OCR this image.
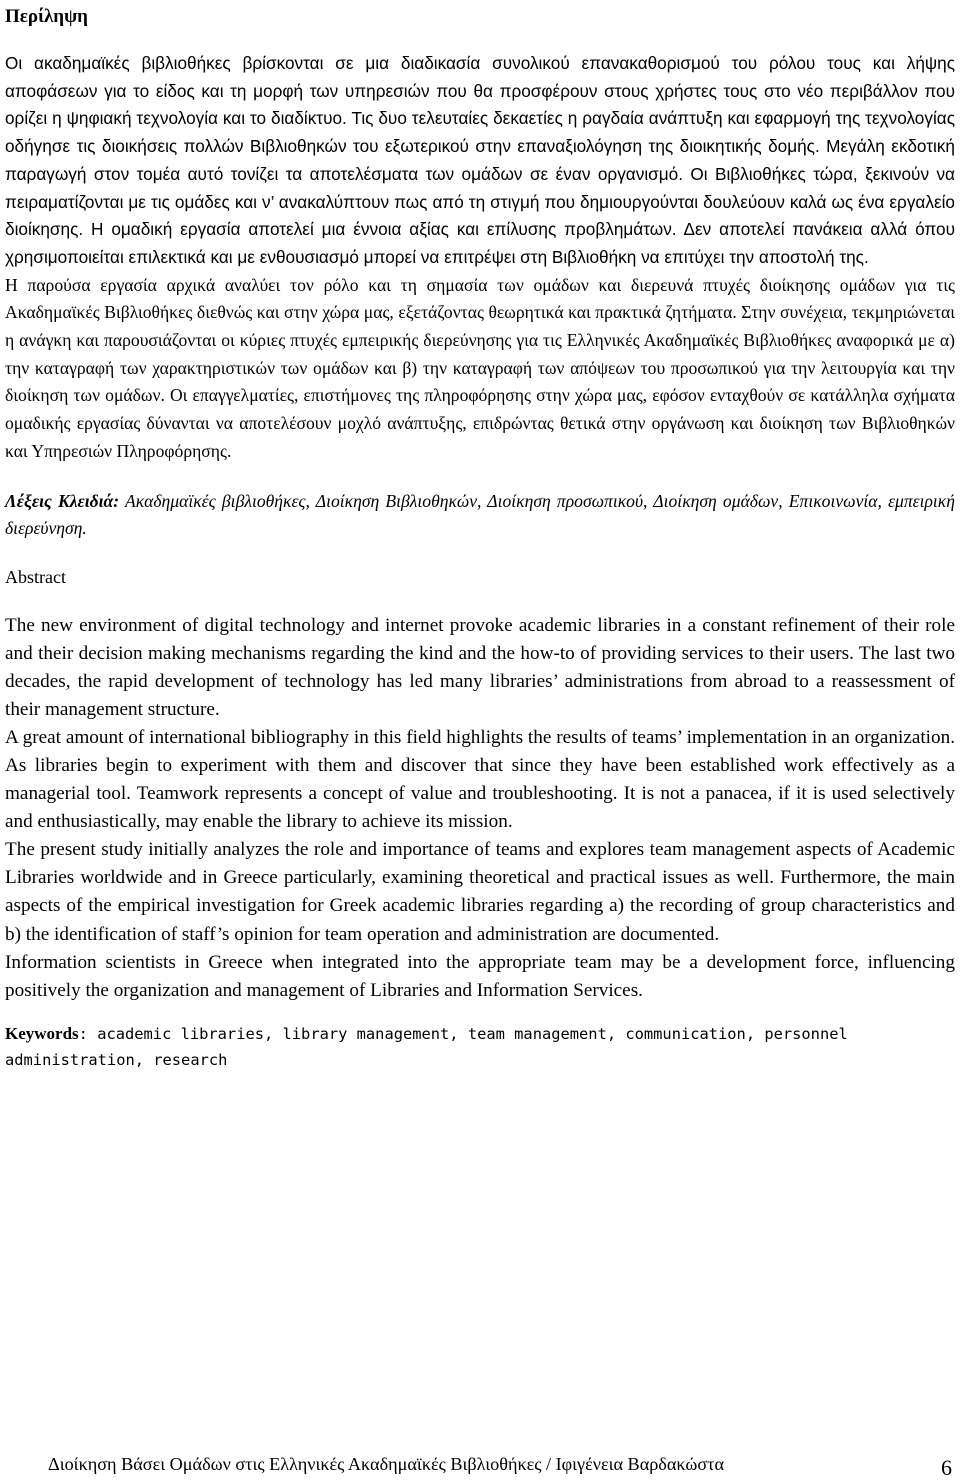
Περίληψη

Οι ακαδημαϊκές βιβλιοθήκες βρίσκονται σε μια διαδικασία συνολικού επανακαθορισμού του ρόλου τους και λήψης αποφάσεων για το είδος και τη μορφή των υπηρεσιών που θα προσφέρουν στους χρήστες τους στο νέο περιβάλλον που ορίζει η ψηφιακή τεχνολογία και το διαδίκτυο. Τις δυο τελευταίες δεκαετίες η ραγδαία ανάπτυξη και εφαρμογή της τεχνολογίας οδήγησε τις διοικήσεις πολλών Βιβλιοθηκών του εξωτερικού στην επαναξιολόγηση της διοικητικής δομής. Μεγάλη εκδοτική παραγωγή στον τομέα αυτό τονίζει τα αποτελέσματα των ομάδων σε έναν οργανισμό. Οι Βιβλιοθήκες τώρα, ξεκινούν να πειραματίζονται με τις ομάδες και ν’ ανακαλύπτουν πως από τη στιγμή που δημιουργούνται δουλεύουν καλά ως ένα εργαλείο διοίκησης. Η ομαδική εργασία αποτελεί μια έννοια αξίας και επίλυσης προβλημάτων. Δεν αποτελεί πανάκεια αλλά όπου χρησιμοποιείται επιλεκτικά και με ενθουσιασμό μπορεί να επιτρέψει στη Βιβλιοθήκη να επιτύχει την αποστολή της.

Η παρούσα εργασία αρχικά αναλύει τον ρόλο και τη σημασία των ομάδων και διερευνά πτυχές διοίκησης ομάδων για τις Ακαδημαϊκές Βιβλιοθήκες διεθνώς και στην χώρα μας, εξετάζοντας θεωρητικά και πρακτικά ζητήματα. Στην συνέχεια, τεκμηριώνεται η ανάγκη και παρουσιάζονται οι κύριες πτυχές εμπειρικής διερεύνησης για τις Ελληνικές Ακαδημαϊκές Βιβλιοθήκες αναφορικά με α) την καταγραφή των χαρακτηριστικών των ομάδων και β) την καταγραφή των απόψεων του προσωπικού για την λειτουργία και την διοίκηση των ομάδων. Οι επαγγελματίες, επιστήμονες της πληροφόρησης στην χώρα μας, εφόσον ενταχθούν σε κατάλληλα σχήματα ομαδικής εργασίας δύνανται να αποτελέσουν μοχλό ανάπτυξης, επιδρώντας θετικά στην οργάνωση και διοίκηση των Βιβλιοθηκών και Υπηρεσιών Πληροφόρησης.

Λέξεις Κλειδιά: Ακαδημαϊκές βιβλιοθήκες, Διοίκηση Βιβλιοθηκών, Διοίκηση προσωπικού, Διοίκηση ομάδων, Επικοινωνία, εμπειρική διερεύνηση.
Abstract

The new environment of digital technology and internet provoke academic libraries in a constant refinement of their role and their decision making mechanisms regarding the kind and the how-to of providing services to their users. The last two decades, the rapid development of technology has led many libraries’ administrations from abroad to a reassessment of their management structure.

A great amount of international bibliography in this field highlights the results of teams’ implementation in an organization. As libraries begin to experiment with them and discover that since they have been established work effectively as a managerial tool. Teamwork represents a concept of value and troubleshooting. It is not a panacea, if it is used selectively and enthusiastically, may enable the library to achieve its mission.

The present study initially analyzes the role and importance of teams and explores team management aspects of Academic Libraries worldwide and in Greece particularly, examining theoretical and practical issues as well. Furthermore, the main aspects of the empirical investigation for Greek academic libraries regarding a) the recording of group characteristics and b) the identification of staff’s opinion for team operation and administration are documented.

Information scientists in Greece when integrated into the appropriate team may be a development force, influencing positively the organization and management of Libraries and Information Services.

Keywords: academic libraries, library management, team management, communication, personnel administration, research
Διοίκηση Βάσει Ομάδων στις Ελληνικές Ακαδημαϊκές Βιβλιοθήκες / Ιφιγένεια Βαρδακώστα	6
